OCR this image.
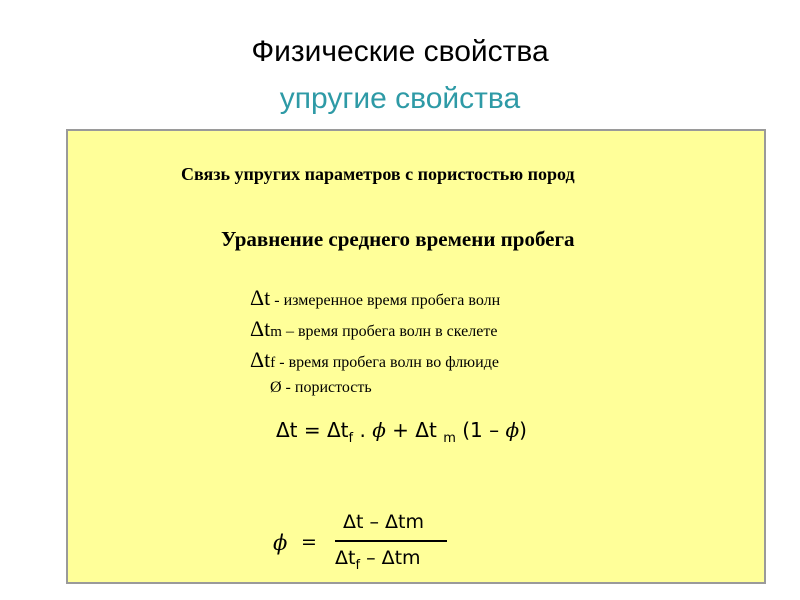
Физические свойства
упругие свойства
Связь упругих параметров с пористостью пород
Уравнение среднего времени пробега
Δt - измеренное время пробега волн
Δtm – время пробега волн в скелете
Δtf - время пробега волн во флюиде
Ø - пористость
$\Delta t = \Delta t_f$ . ϕ + Δt $_m$ (1 – ϕ)
ϕ =
Δt – Δtm
$\Delta t_f$ – Δtm
